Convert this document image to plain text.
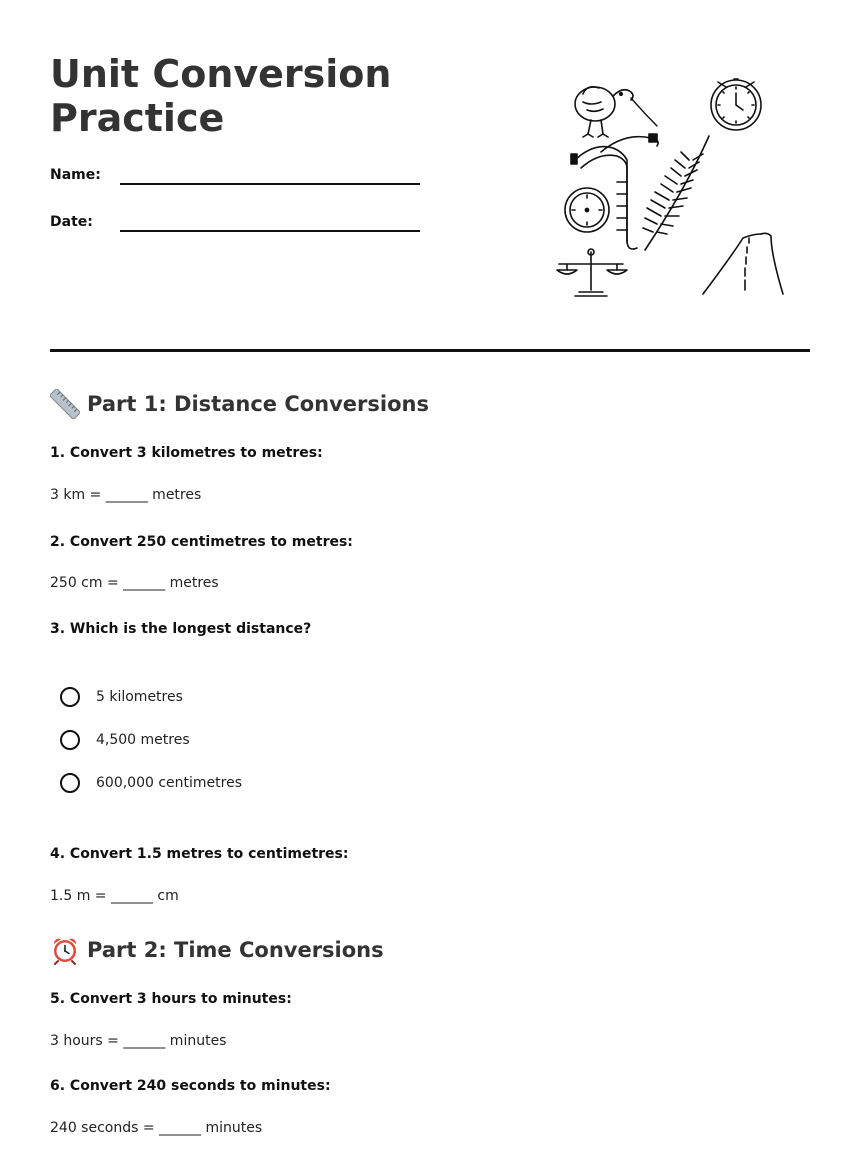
Unit Conversion
Practice
Name:
Date:
Part 1: Distance Conversions
1. Convert 3 kilometres to metres:
3 km = ______ metres
2. Convert 250 centimetres to metres:
250 cm = ______ metres
3. Which is the longest distance?
5 kilometres
4,500 metres
600,000 centimetres
4. Convert 1.5 metres to centimetres:
1.5 m = ______ cm
Part 2: Time Conversions
5. Convert 3 hours to minutes:
3 hours = ______ minutes
6. Convert 240 seconds to minutes:
240 seconds = ______ minutes
